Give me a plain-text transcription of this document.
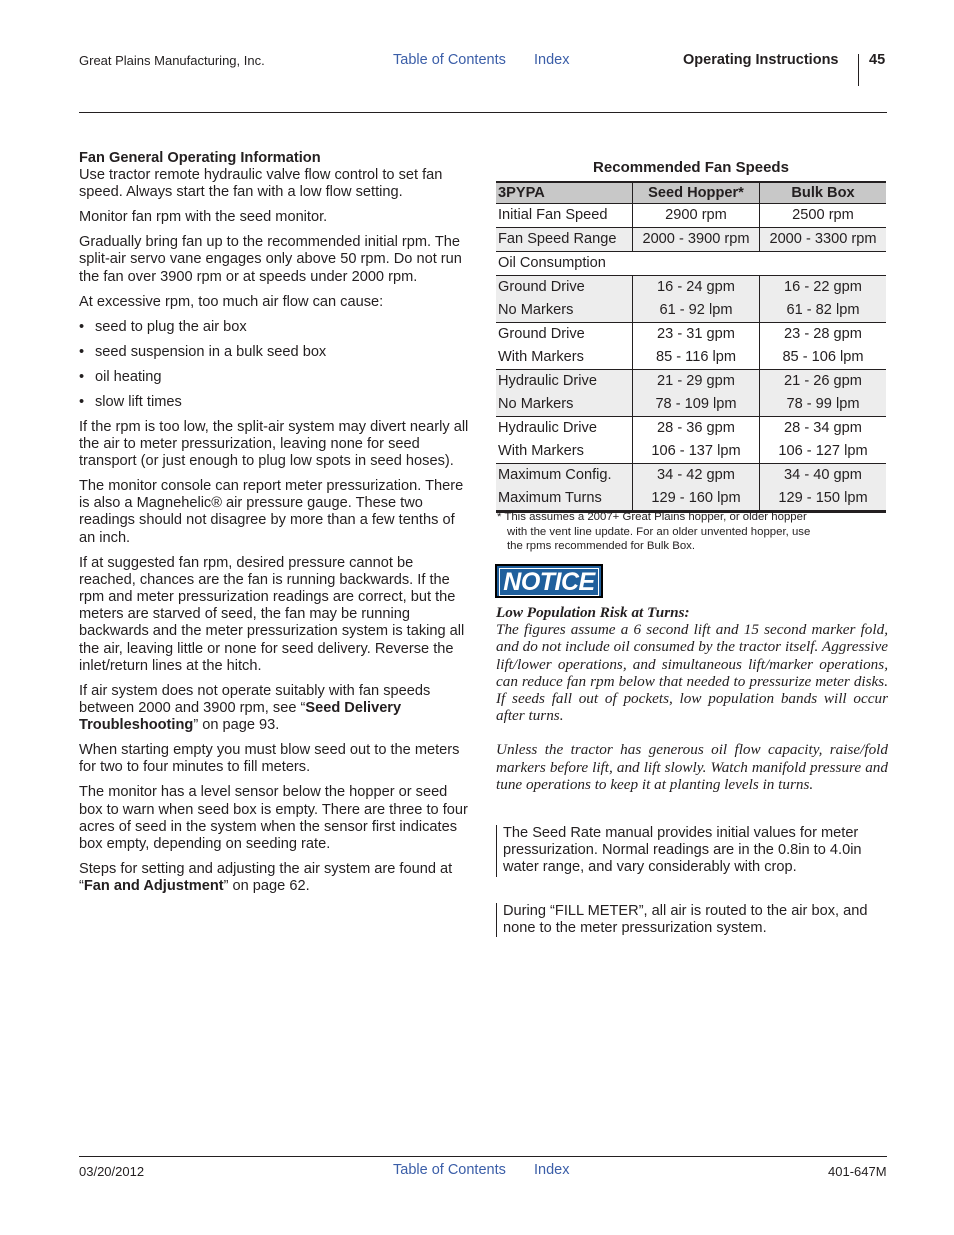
Great Plains Manufacturing, Inc.	Table of Contents Index	Operating Instructions 45
Fan General Operating Information

Use tractor remote hydraulic valve flow control to set fan speed. Always start the fan with a low flow setting.

Monitor fan rpm with the seed monitor.

Gradually bring fan up to the recommended initial rpm. The split-air servo vane engages only above 50 rpm. Do not run the fan over 3900 rpm or at speeds under 2000 rpm.

At excessive rpm, too much air flow can cause:

• seed to plug the air box
• seed suspension in a bulk seed box
• oil heating
• slow lift times

If the rpm is too low, the split-air system may divert nearly all the air to meter pressurization, leaving none for seed transport (or just enough to plug low spots in seed hoses).

The monitor console can report meter pressurization. There is also a Magnehelic® air pressure gauge. These two readings should not disagree by more than a few tenths of an inch.

If at suggested fan rpm, desired pressure cannot be reached, chances are the fan is running backwards. If the rpm and meter pressurization readings are correct, but the meters are starved of seed, the fan may be running backwards and the meter pressurization system is taking all the air, leaving little or none for seed delivery. Reverse the inlet/return lines at the hitch.

If air system does not operate suitably with fan speeds between 2000 and 3900 rpm, see “Seed Delivery Troubleshooting” on page 93.

When starting empty you must blow seed out to the meters for two to four minutes to fill meters.

The monitor has a level sensor below the hopper or seed box to warn when seed box is empty. There are three to four acres of seed in the system when the sensor first indicates box empty, depending on seeding rate.

Steps for setting and adjusting the air system are found at “Fan and Adjustment” on page 62.

Recommended Fan Speeds
3PYPA	Seed Hopper*	Bulk Box
Initial Fan Speed	2900 rpm	2500 rpm
Fan Speed Range	2000 - 3900 rpm	2000 - 3300 rpm
Oil Consumption		
Ground Drive	16 - 24 gpm	16 - 22 gpm
No Markers	61 - 92 lpm	61 - 82 lpm
Ground Drive	23 - 31 gpm	23 - 28 gpm
With Markers	85 - 116 lpm	85 - 106 lpm
Hydraulic Drive	21 - 29 gpm	21 - 26 gpm
No Markers	78 - 109 lpm	78 - 99 lpm
Hydraulic Drive	28 - 36 gpm	28 - 34 gpm
With Markers	106 - 137 lpm	106 - 127 lpm
Maximum Config.	34 - 42 gpm	34 - 40 gpm
Maximum Turns	129 - 160 lpm	129 - 150 lpm
* This assumes a 2007+ Great Plains hopper, or older hopper
with the vent line update. For an older unvented hopper, use
the rpms recommended for Bulk Box.
NOTICE
Low Population Risk at Turns:

The figures assume a 6 second lift and 15 second marker fold, and do not include oil consumed by the tractor itself. Aggressive lift/lower operations, and simultaneous lift/marker operations, can reduce fan rpm below that needed to pressurize meter disks. If seeds fall out of pockets, low population bands will occur after turns.

Unless the tractor has generous oil flow capacity, raise/fold markers before lift, and lift slowly. Watch manifold pressure and tune operations to keep it at planting levels in turns.

The Seed Rate manual provides initial values for meter pressurization. Normal readings are in the 0.8in to 4.0in water range, and vary considerably with crop.
During “FILL METER”, all air is routed to the air box, and none to the meter pressurization system.
03/20/2012	Table of Contents Index	401-647M
